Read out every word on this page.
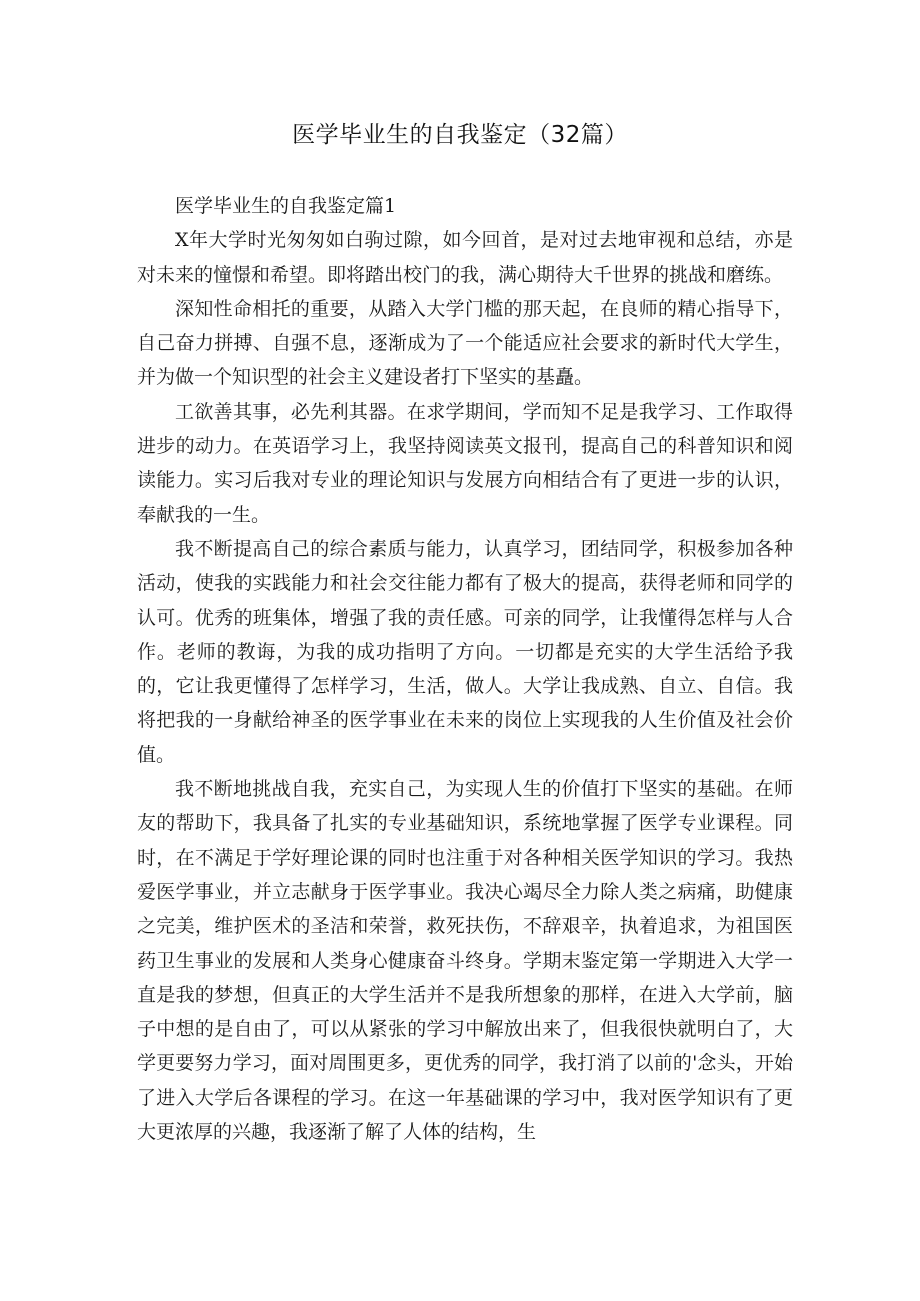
医学毕业生的自我鉴定（32篇）

医学毕业生的自我鉴定篇1

X年大学时光匆匆如白驹过隙，如今回首，是对过去地审视和总结，亦是对未来的憧憬和希望。即将踏出校门的我，满心期待大千世界的挑战和磨练。

深知性命相托的重要，从踏入大学门槛的那天起，在良师的精心指导下，自己奋力拼搏、自强不息，逐渐成为了一个能适应社会要求的新时代大学生，并为做一个知识型的社会主义建设者打下坚实的基矗。

工欲善其事，必先利其器。在求学期间，学而知不足是我学习、工作取得进步的动力。在英语学习上，我坚持阅读英文报刊，提高自己的科普知识和阅读能力。实习后我对专业的理论知识与发展方向相结合有了更进一步的认识，奉献我的一生。

我不断提高自己的综合素质与能力，认真学习，团结同学，积极参加各种活动，使我的实践能力和社会交往能力都有了极大的提高，获得老师和同学的认可。优秀的班集体，增强了我的责任感。可亲的同学，让我懂得怎样与人合作。老师的教诲，为我的成功指明了方向。一切都是充实的大学生活给予我的，它让我更懂得了怎样学习，生活，做人。大学让我成熟、自立、自信。我将把我的一身献给神圣的医学事业在未来的岗位上实现我的人生价值及社会价值。

我不断地挑战自我，充实自己，为实现人生的价值打下坚实的基础。在师友的帮助下，我具备了扎实的专业基础知识，系统地掌握了医学专业课程。同时，在不满足于学好理论课的同时也注重于对各种相关医学知识的学习。我热爱医学事业，并立志献身于医学事业。我决心竭尽全力除人类之病痛，助健康之完美，维护医术的圣洁和荣誉，救死扶伤，不辞艰辛，执着追求，为祖国医药卫生事业的发展和人类身心健康奋斗终身。学期末鉴定第一学期进入大学一直是我的梦想，但真正的大学生活并不是我所想象的那样，在进入大学前，脑子中想的是自由了，可以从紧张的学习中解放出来了，但我很快就明白了，大学更要努力学习，面对周围更多，更优秀的同学，我打消了以前的'念头，开始了进入大学后各课程的学习。在这一年基础课的学习中，我对医学知识有了更大更浓厚的兴趣，我逐渐了解了人体的结构，生
